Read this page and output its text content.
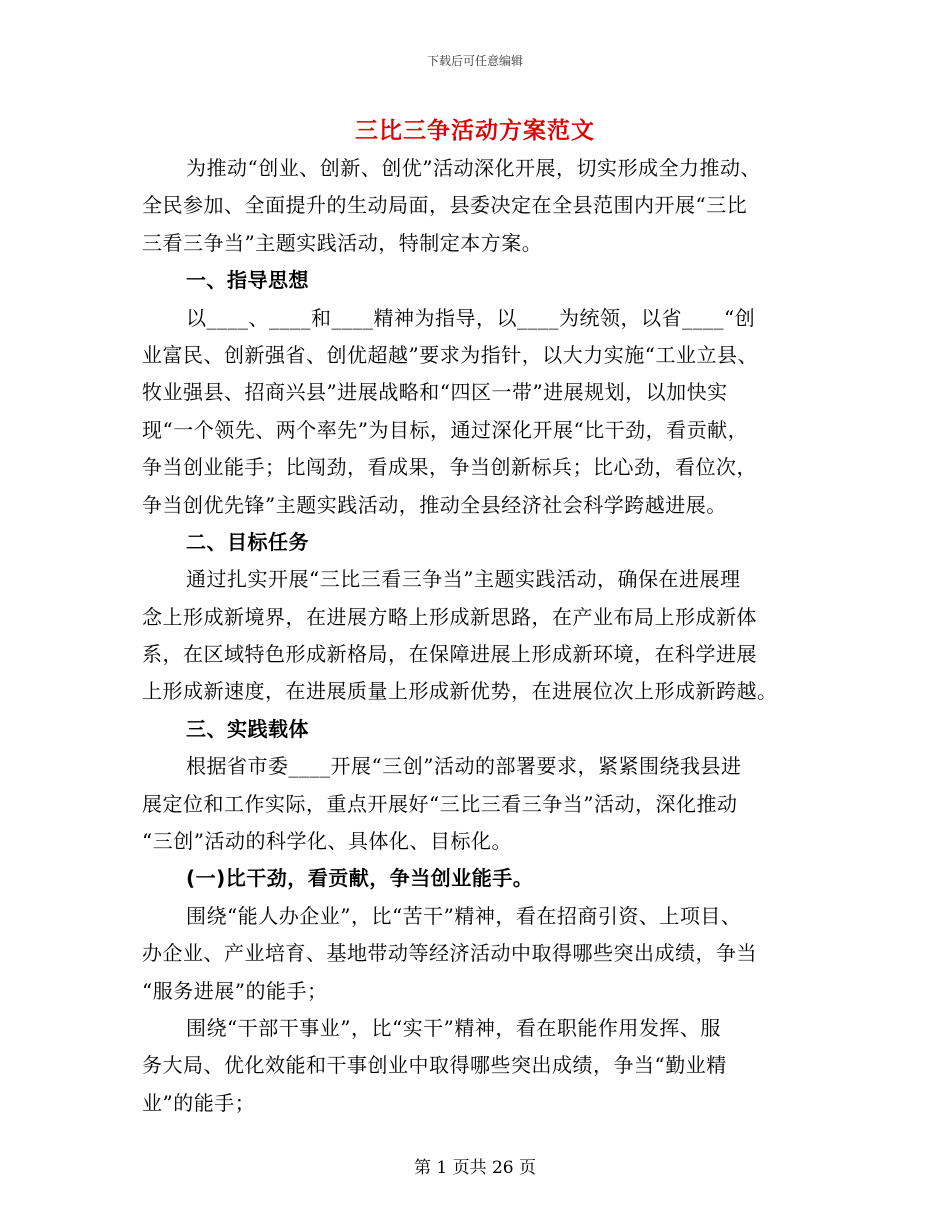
下载后可任意编辑
三比三争活动方案范文
为推动“创业、创新、创优”活动深化开展，切实形成全力推动、
全民参加、全面提升的生动局面，县委决定在全县范围内开展“三比
三看三争当”主题实践活动，特制定本方案。
一、指导思想
以____、____和____精神为指导，以____为统领，以省____“创
业富民、创新强省、创优超越”要求为指针，以大力实施“工业立县、
牧业强县、招商兴县”进展战略和“四区一带”进展规划，以加快实
现“一个领先、两个率先”为目标，通过深化开展“比干劲，看贡献，
争当创业能手；比闯劲，看成果，争当创新标兵；比心劲，看位次，
争当创优先锋”主题实践活动，推动全县经济社会科学跨越进展。
二、目标任务
通过扎实开展“三比三看三争当”主题实践活动，确保在进展理
念上形成新境界，在进展方略上形成新思路，在产业布局上形成新体
系，在区域特色形成新格局，在保障进展上形成新环境，在科学进展
上形成新速度，在进展质量上形成新优势，在进展位次上形成新跨越。
三、实践载体
根据省市委____开展“三创”活动的部署要求，紧紧围绕我县进
展定位和工作实际，重点开展好“三比三看三争当”活动，深化推动
“三创”活动的科学化、具体化、目标化。
(一)比干劲，看贡献，争当创业能手。
围绕“能人办企业”，比“苦干”精神，看在招商引资、上项目、
办企业、产业培育、基地带动等经济活动中取得哪些突出成绩，争当
“服务进展”的能手；
围绕“干部干事业”，比“实干”精神，看在职能作用发挥、服
务大局、优化效能和干事创业中取得哪些突出成绩，争当“勤业精
业”的能手；
第 1 页共 26 页
